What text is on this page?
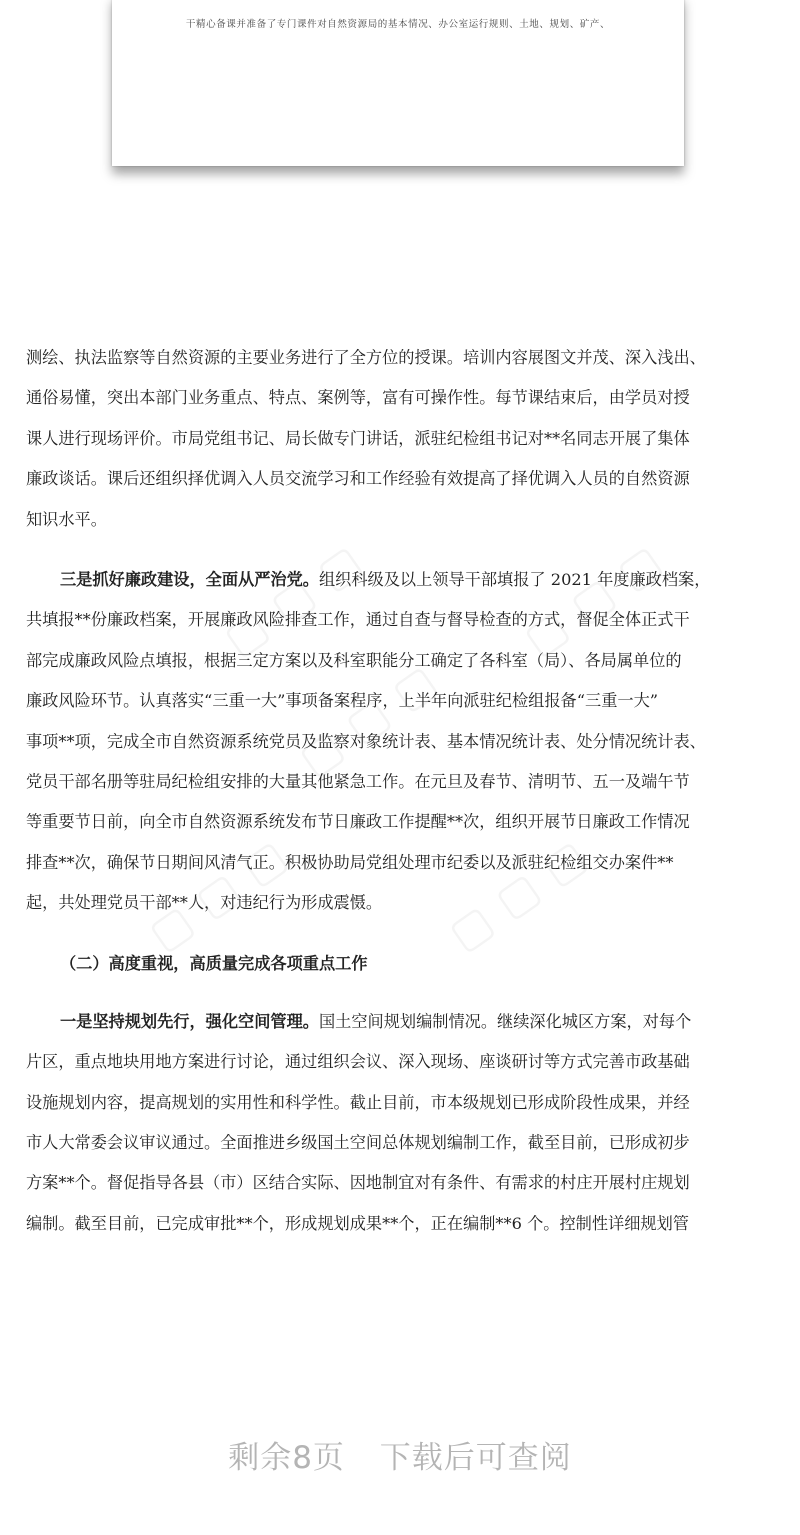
干精心备课并准备了专门课件对自然资源局的基本情况、办公室运行规则、土地、规划、矿产、

测绘、执法监察等自然资源的主要业务进行了全方位的授课。培训内容展图文并茂、深入浅出、
通俗易懂，突出本部门业务重点、特点、案例等，富有可操作性。每节课结束后，由学员对授
课人进行现场评价。市局党组书记、局长做专门讲话，派驻纪检组书记对**名同志开展了集体
廉政谈话。课后还组织择优调入人员交流学习和工作经验有效提高了择优调入人员的自然资源
知识水平。

三是抓好廉政建设，全面从严治党。组织科级及以上领导干部填报了 2021 年度廉政档案，
共填报**份廉政档案，开展廉政风险排查工作，通过自查与督导检查的方式，督促全体正式干
部完成廉政风险点填报，根据三定方案以及科室职能分工确定了各科室（局）、各局属单位的
廉政风险环节。认真落实“三重一大”事项备案程序，上半年向派驻纪检组报备“三重一大”
事项**项，完成全市自然资源系统党员及监察对象统计表、基本情况统计表、处分情况统计表、
党员干部名册等驻局纪检组安排的大量其他紧急工作。在元旦及春节、清明节、五一及端午节
等重要节日前，向全市自然资源系统发布节日廉政工作提醒**次，组织开展节日廉政工作情况
排查**次，确保节日期间风清气正。积极协助局党组处理市纪委以及派驻纪检组交办案件**
起，共处理党员干部**人，对违纪行为形成震慑。

（二）高度重视，高质量完成各项重点工作

一是坚持规划先行，强化空间管理。国土空间规划编制情况。继续深化城区方案，对每个
片区，重点地块用地方案进行讨论，通过组织会议、深入现场、座谈研讨等方式完善市政基础
设施规划内容，提高规划的实用性和科学性。截止目前，市本级规划已形成阶段性成果，并经
市人大常委会议审议通过。全面推进乡级国土空间总体规划编制工作，截至目前，已形成初步
方案**个。督促指导各县（市）区结合实际、因地制宜对有条件、有需求的村庄开展村庄规划
编制。截至目前，已完成审批**个，形成规划成果**个，正在编制**6 个。控制性详细规划管

剩余8页 下载后可查阅
